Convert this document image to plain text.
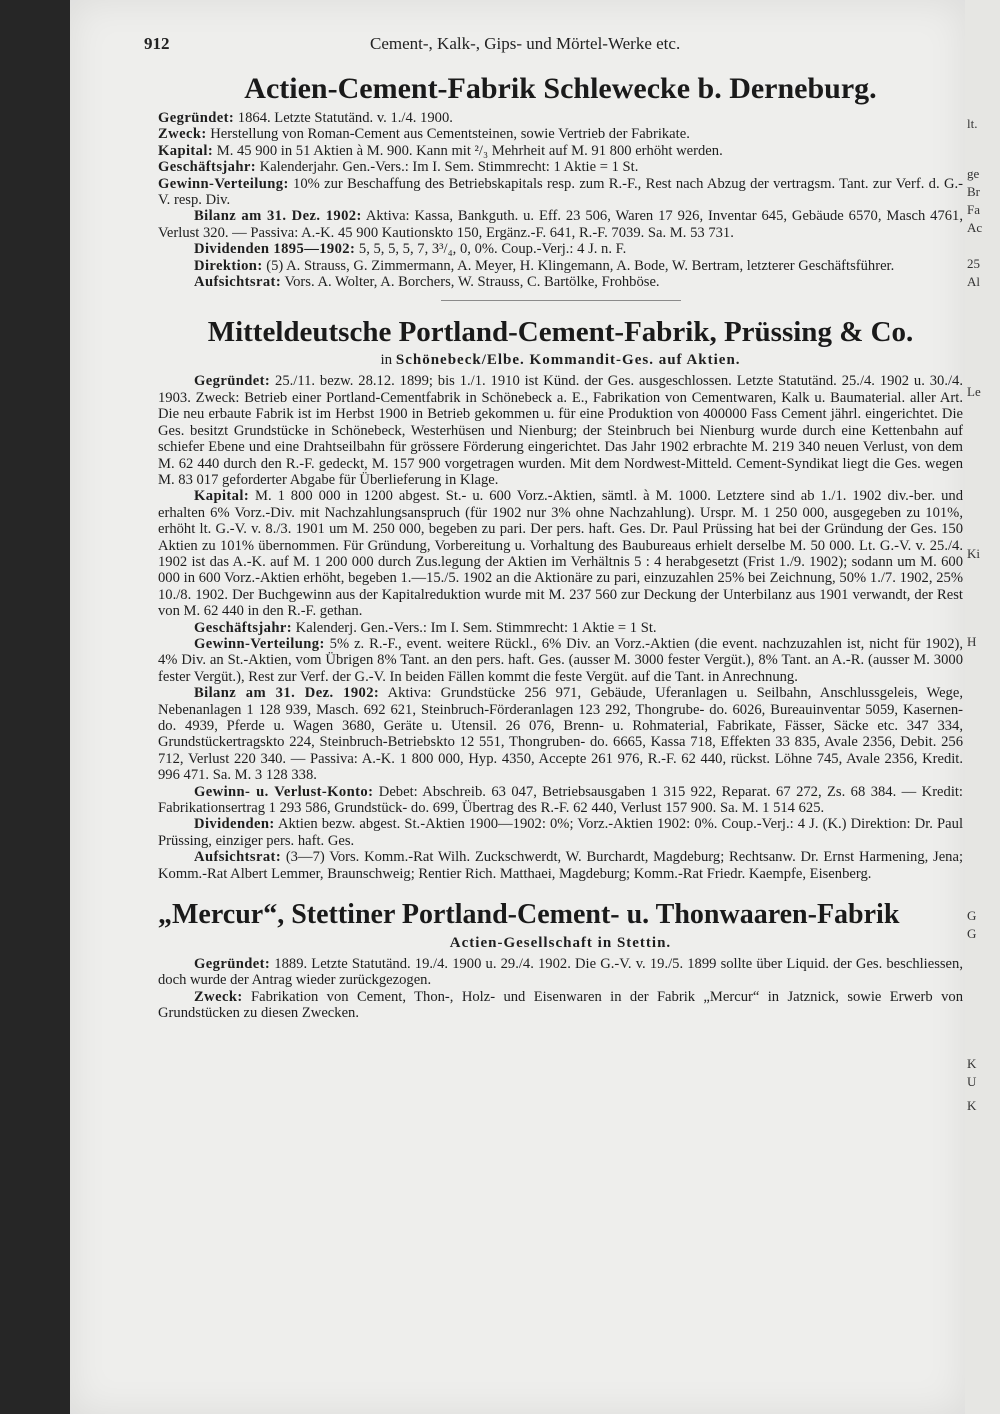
912	Cement-, Kalk-, Gips- und Mörtel-Werke etc.
Actien-Cement-Fabrik Schlewecke b. Derneburg.

Gegründet: 1864. Letzte Statutänd. v. 1./4. 1900.

Zweck: Herstellung von Roman-Cement aus Cementsteinen, sowie Vertrieb der Fabrikate.

Kapital: M. 45 900 in 51 Aktien à M. 900. Kann mit ²/₃ Mehrheit auf M. 91 800 erhöht werden.

Geschäftsjahr: Kalenderjahr. Gen.-Vers.: Im I. Sem. Stimmrecht: 1 Aktie = 1 St.

Gewinn-Verteilung: 10% zur Beschaffung des Betriebskapitals resp. zum R.-F., Rest nach Abzug der vertragsm. Tant. zur Verf. d. G.-V. resp. Div.

Bilanz am 31. Dez. 1902: Aktiva: Kassa, Bankguth. u. Eff. 23 506, Waren 17 926, Inventar 645, Gebäude 6570, Masch 4761, Verlust 320. — Passiva: A.-K. 45 900 Kautionskto 150, Ergänz.-F. 641, R.-F. 7039. Sa. M. 53 731.

Dividenden 1895—1902: 5, 5, 5, 5, 7, 3³/₄, 0, 0%. Coup.-Verj.: 4 J. n. F.

Direktion: (5) A. Strauss, G. Zimmermann, A. Meyer, H. Klingemann, A. Bode, W. Bertram, letzterer Geschäftsführer.

Aufsichtsrat: Vors. A. Wolter, A. Borchers, W. Strauss, C. Bartölke, Frohböse.

Mitteldeutsche Portland-Cement-Fabrik, Prüssing & Co.

in Schönebeck/Elbe. Kommandit-Ges. auf Aktien.

Gegründet: 25./11. bezw. 28.12. 1899; bis 1./1. 1910 ist Künd. der Ges. ausgeschlossen. Letzte Statutänd. 25./4. 1902 u. 30./4. 1903. Zweck: Betrieb einer Portland-Cementfabrik in Schönebeck a. E., Fabrikation von Cementwaren, Kalk u. Baumaterial. aller Art. Die neu erbaute Fabrik ist im Herbst 1900 in Betrieb gekommen u. für eine Produktion von 400000 Fass Cement jährl. eingerichtet. Die Ges. besitzt Grundstücke in Schönebeck, Westerhüsen und Nienburg; der Steinbruch bei Nienburg wurde durch eine Kettenbahn auf schiefer Ebene und eine Drahtseilbahn für grössere Förderung eingerichtet. Das Jahr 1902 erbrachte M. 219 340 neuen Verlust, von dem M. 62 440 durch den R.-F. gedeckt, M. 157 900 vorgetragen wurden. Mit dem Nordwest-Mitteld. Cement-Syndikat liegt die Ges. wegen M. 83 017 geforderter Abgabe für Überlieferung in Klage.

Kapital: M. 1 800 000 in 1200 abgest. St.- u. 600 Vorz.-Aktien, sämtl. à M. 1000. Letztere sind ab 1./1. 1902 div.-ber. und erhalten 6% Vorz.-Div. mit Nachzahlungsanspruch (für 1902 nur 3% ohne Nachzahlung). Urspr. M. 1 250 000, ausgegeben zu 101%, erhöht lt. G.-V. v. 8./3. 1901 um M. 250 000, begeben zu pari. Der pers. haft. Ges. Dr. Paul Prüssing hat bei der Gründung der Ges. 150 Aktien zu 101% übernommen. Für Gründung, Vorbereitung u. Vorhaltung des Baubureaus erhielt derselbe M. 50 000. Lt. G.-V. v. 25./4. 1902 ist das A.-K. auf M. 1 200 000 durch Zus.legung der Aktien im Verhältnis 5 : 4 herabgesetzt (Frist 1./9. 1902); sodann um M. 600 000 in 600 Vorz.-Aktien erhöht, begeben 1.—15./5. 1902 an die Aktionäre zu pari, einzuzahlen 25% bei Zeichnung, 50% 1./7. 1902, 25% 10./8. 1902. Der Buchgewinn aus der Kapitalreduktion wurde mit M. 237 560 zur Deckung der Unterbilanz aus 1901 verwandt, der Rest von M. 62 440 in den R.-F. gethan.

Geschäftsjahr: Kalenderj. Gen.-Vers.: Im I. Sem. Stimmrecht: 1 Aktie = 1 St.

Gewinn-Verteilung: 5% z. R.-F., event. weitere Rückl., 6% Div. an Vorz.-Aktien (die event. nachzuzahlen ist, nicht für 1902), 4% Div. an St.-Aktien, vom Übrigen 8% Tant. an den pers. haft. Ges. (ausser M. 3000 fester Vergüt.), 8% Tant. an A.-R. (ausser M. 3000 fester Vergüt.), Rest zur Verf. der G.-V. In beiden Fällen kommt die feste Vergüt. auf die Tant. in Anrechnung.

Bilanz am 31. Dez. 1902: Aktiva: Grundstücke 256 971, Gebäude, Uferanlagen u. Seilbahn, Anschlussgeleis, Wege, Nebenanlagen 1 128 939, Masch. 692 621, Steinbruch-Förderanlagen 123 292, Thongrube- do. 6026, Bureauinventar 5059, Kasernen- do. 4939, Pferde u. Wagen 3680, Geräte u. Utensil. 26 076, Brenn- u. Rohmaterial, Fabrikate, Fässer, Säcke etc. 347 334, Grundstückertragskto 224, Steinbruch-Betriebskto 12 551, Thongruben- do. 6665, Kassa 718, Effekten 33 835, Avale 2356, Debit. 256 712, Verlust 220 340. — Passiva: A.-K. 1 800 000, Hyp. 4350, Accepte 261 976, R.-F. 62 440, rückst. Löhne 745, Avale 2356, Kredit. 996 471. Sa. M. 3 128 338.

Gewinn- u. Verlust-Konto: Debet: Abschreib. 63 047, Betriebsausgaben 1 315 922, Reparat. 67 272, Zs. 68 384. — Kredit: Fabrikationsertrag 1 293 586, Grundstück- do. 699, Übertrag des R.-F. 62 440, Verlust 157 900. Sa. M. 1 514 625.

Dividenden: Aktien bezw. abgest. St.-Aktien 1900—1902: 0%; Vorz.-Aktien 1902: 0%. Coup.-Verj.: 4 J. (K.) Direktion: Dr. Paul Prüssing, einziger pers. haft. Ges.

Aufsichtsrat: (3—7) Vors. Komm.-Rat Wilh. Zuckschwerdt, W. Burchardt, Magdeburg; Rechtsanw. Dr. Ernst Harmening, Jena; Komm.-Rat Albert Lemmer, Braunschweig; Rentier Rich. Matthaei, Magdeburg; Komm.-Rat Friedr. Kaempfe, Eisenberg.

„Mercur“, Stettiner Portland-Cement- u. Thonwaaren-Fabrik

Actien-Gesellschaft in Stettin.

Gegründet: 1889. Letzte Statutänd. 19./4. 1900 u. 29./4. 1902. Die G.-V. v. 19./5. 1899 sollte über Liquid. der Ges. beschliessen, doch wurde der Antrag wieder zurückgezogen.

Zweck: Fabrikation von Cement, Thon-, Holz- und Eisenwaren in der Fabrik „Mercur“ in Jatznick, sowie Erwerb von Grundstücken zu diesen Zwecken.

lt.
ge
Br
Fa
Ac
25
Al
Le
Ki
H
G
G
K
U
K
